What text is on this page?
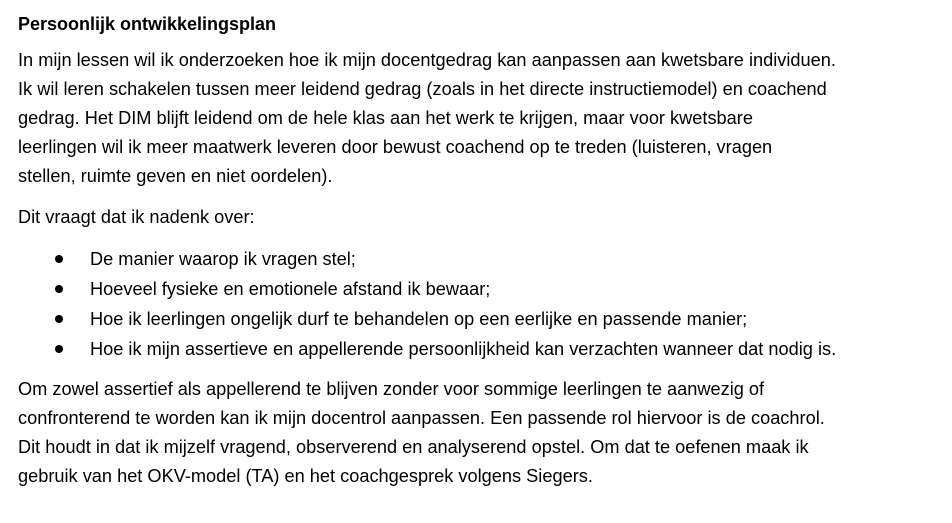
Persoonlijk ontwikkelingsplan
In mijn lessen wil ik onderzoeken hoe ik mijn docentgedrag kan aanpassen aan kwetsbare individuen.
Ik wil leren schakelen tussen meer leidend gedrag (zoals in het directe instructiemodel) en coachend
gedrag. Het DIM blijft leidend om de hele klas aan het werk te krijgen, maar voor kwetsbare
leerlingen wil ik meer maatwerk leveren door bewust coachend op te treden (luisteren, vragen
stellen, ruimte geven en niet oordelen).
Dit vraagt dat ik nadenk over:
De manier waarop ik vragen stel;
Hoeveel fysieke en emotionele afstand ik bewaar;
Hoe ik leerlingen ongelijk durf te behandelen op een eerlijke en passende manier;
Hoe ik mijn assertieve en appellerende persoonlijkheid kan verzachten wanneer dat nodig is.
Om zowel assertief als appellerend te blijven zonder voor sommige leerlingen te aanwezig of
confronterend te worden kan ik mijn docentrol aanpassen. Een passende rol hiervoor is de coachrol.
Dit houdt in dat ik mijzelf vragend, observerend en analyserend opstel. Om dat te oefenen maak ik
gebruik van het OKV-model (TA) en het coachgesprek volgens Siegers.
